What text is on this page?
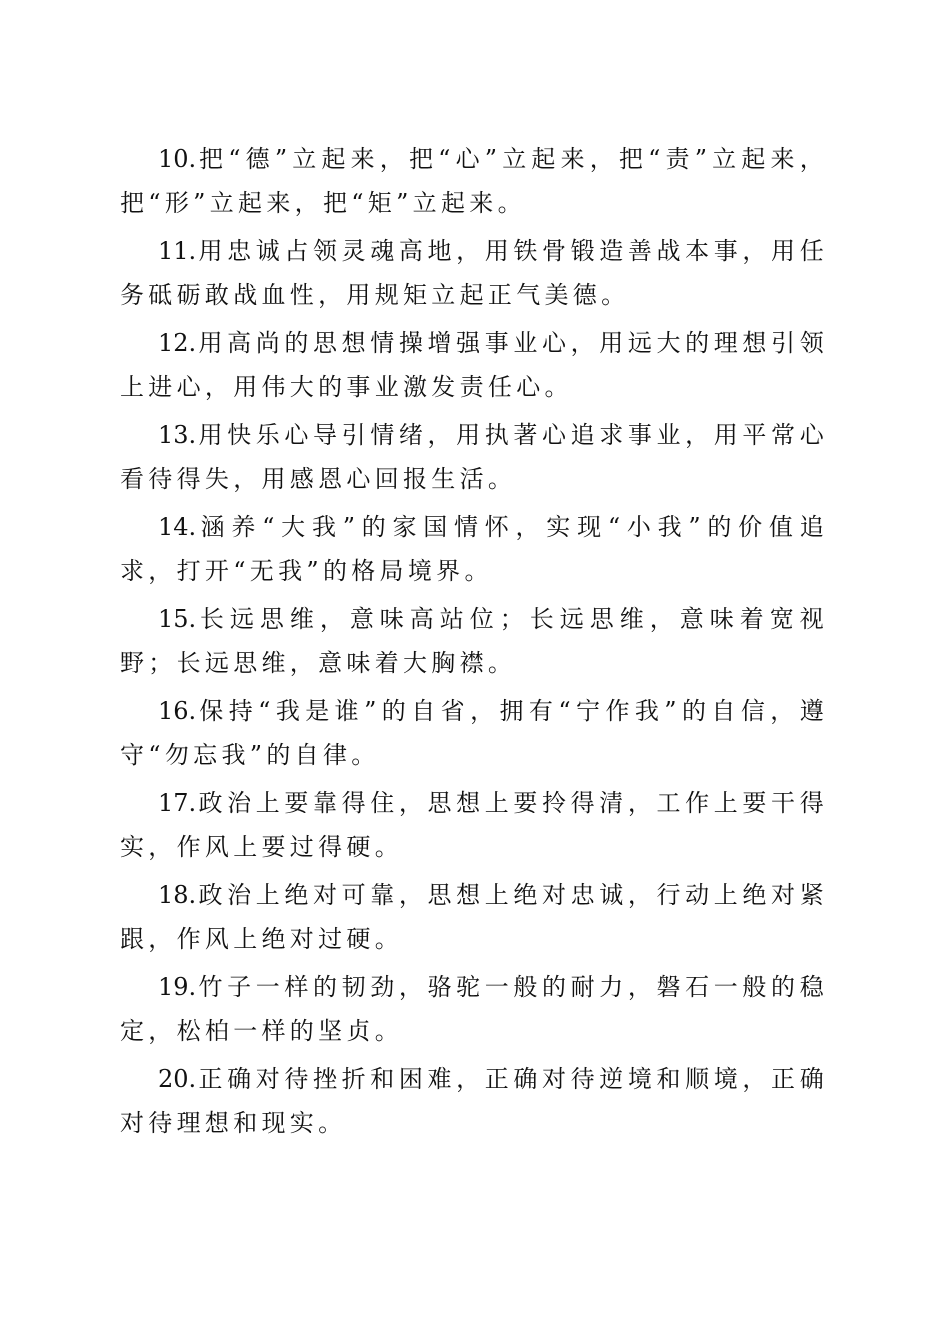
10.把“德”立起来，把“心”立起来，把“责”立起来，把“形”立起来，把“矩”立起来。

11.用忠诚占领灵魂高地，用铁骨锻造善战本事，用任务砥砺敢战血性，用规矩立起正气美德。

12.用高尚的思想情操增强事业心，用远大的理想引领上进心，用伟大的事业激发责任心。

13.用快乐心导引情绪，用执著心追求事业，用平常心看待得失，用感恩心回报生活。

14.涵养“大我”的家国情怀，实现“小我”的价值追求，打开“无我”的格局境界。

15.长远思维，意味高站位；长远思维，意味着宽视野；长远思维，意味着大胸襟。

16.保持“我是谁”的自省，拥有“宁作我”的自信，遵守“勿忘我”的自律。

17.政治上要靠得住，思想上要拎得清，工作上要干得实，作风上要过得硬。

18.政治上绝对可靠，思想上绝对忠诚，行动上绝对紧跟，作风上绝对过硬。

19.竹子一样的韧劲，骆驼一般的耐力，磐石一般的稳定，松柏一样的坚贞。

20.正确对待挫折和困难，正确对待逆境和顺境，正确对待理想和现实。
